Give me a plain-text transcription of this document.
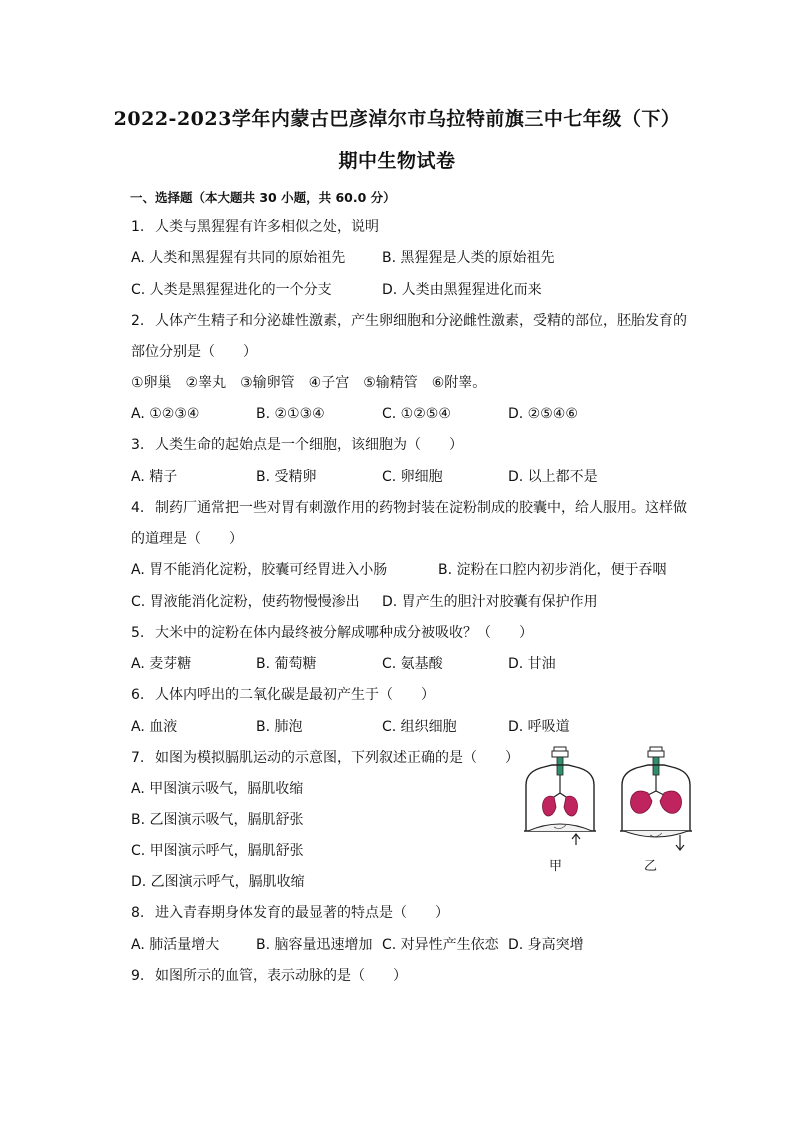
2022-2023学年内蒙古巴彦淖尔市乌拉特前旗三中七年级（下）
期中生物试卷
一、选择题（本大题共 30 小题，共 60.0 分）
1. 人类与黑猩猩有许多相似之处，说明
A. 人类和黑猩猩有共同的原始祖先	B. 黑猩猩是人类的原始祖先
C. 人类是黑猩猩进化的一个分支	D. 人类由黑猩猩进化而来
2. 人体产生精子和分泌雄性激素，产生卵细胞和分泌雌性激素，受精的部位，胚胎发育的
部位分别是（　　）
①卵巢　②睾丸　③输卵管　④子宫　⑤输精管　⑥附睾。
A. ①②③④	B. ②①③④	C. ①②⑤④	D. ②⑤④⑥
3. 人类生命的起始点是一个细胞，该细胞为（　　）
A. 精子	B. 受精卵	C. 卵细胞	D. 以上都不是
4. 制药厂通常把一些对胃有刺激作用的药物封装在淀粉制成的胶囊中，给人服用。这样做
的道理是（　　）
A. 胃不能消化淀粉，胶囊可经胃进入小肠	B. 淀粉在口腔内初步消化，便于吞咽
C. 胃液能消化淀粉，使药物慢慢渗出 D. 胃产生的胆汁对胶囊有保护作用
5. 大米中的淀粉在体内最终被分解成哪种成分被吸收？（　　）
A. 麦芽糖	B. 葡萄糖	C. 氨基酸	D. 甘油
6. 人体内呼出的二氧化碳是最初产生于（　　）
A. 血液	B. 肺泡	C. 组织细胞	D. 呼吸道
7. 如图为模拟膈肌运动的示意图，下列叙述正确的是（　　）
A. 甲图演示吸气，膈肌收缩
B. 乙图演示吸气，膈肌舒张
C. 甲图演示呼气，膈肌舒张
D. 乙图演示呼气，膈肌收缩
甲	乙
8. 进入青春期身体发育的最显著的特点是（　　）
A. 肺活量增大	B. 脑容量迅速增加 C. 对异性产生依恋 D. 身高突增
9. 如图所示的血管，表示动脉的是（　　）
